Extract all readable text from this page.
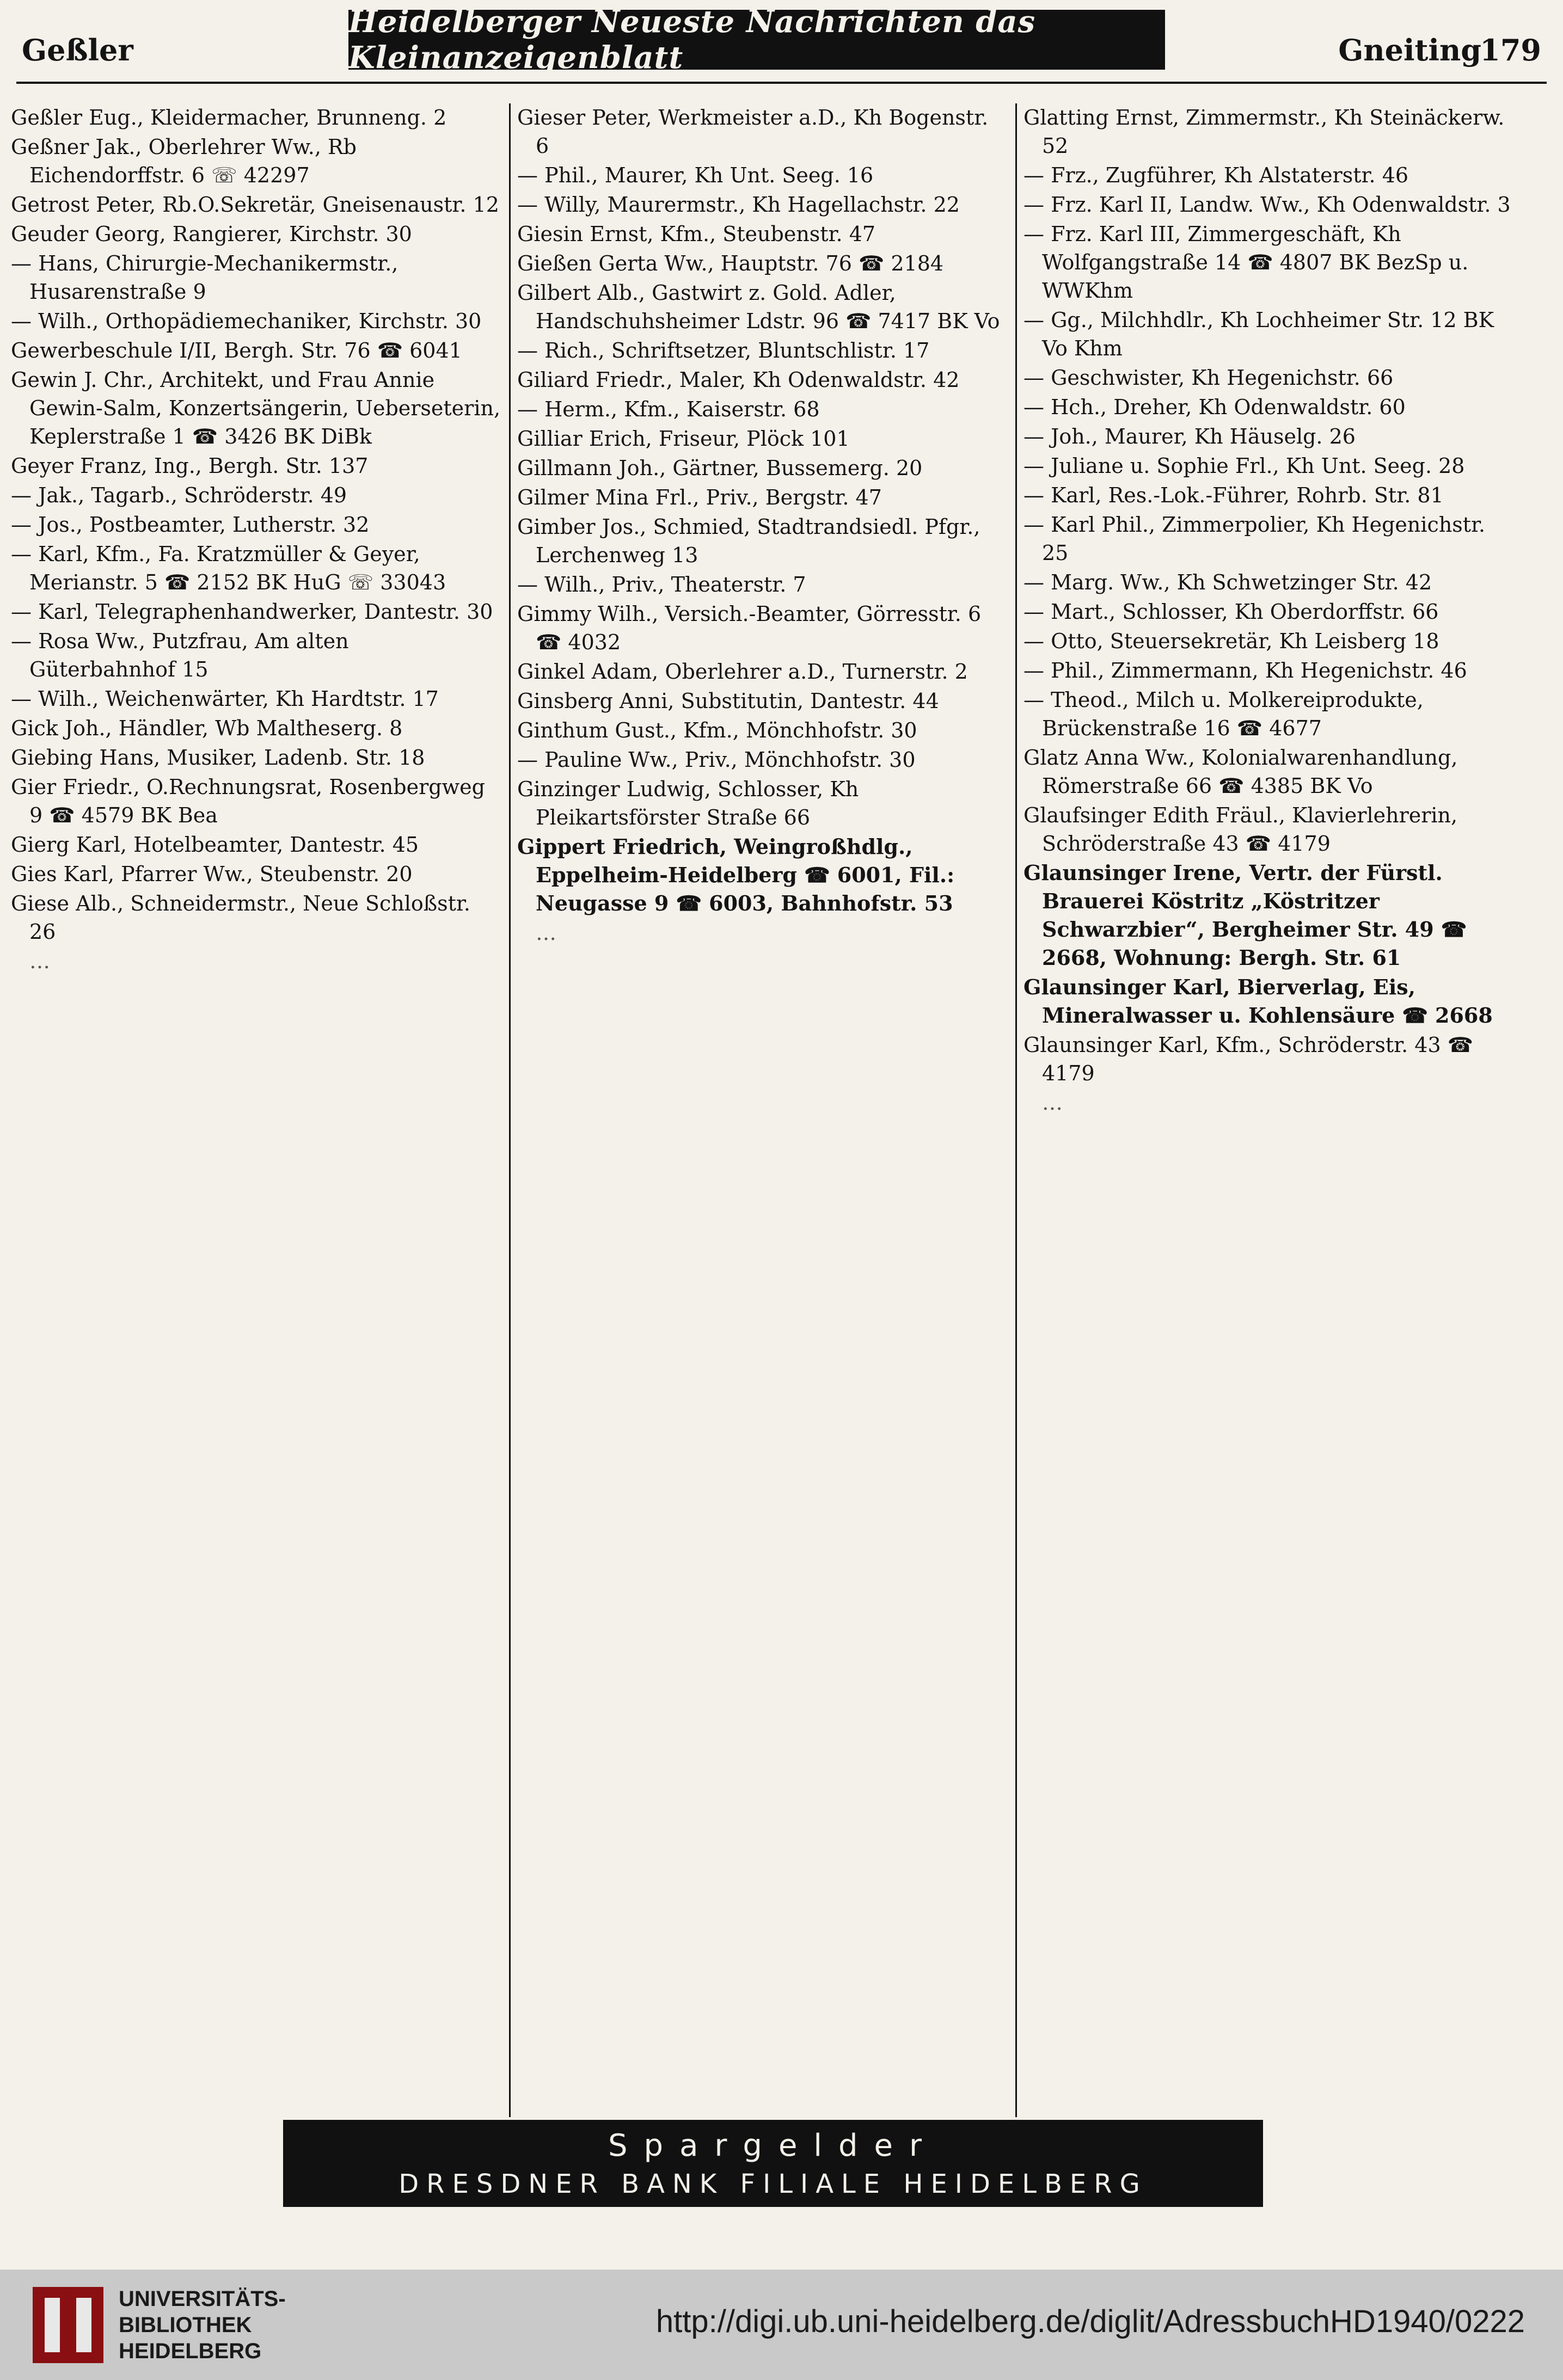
Geßler
Heidelberger Neueste Nachrichten das Kleinanzeigenblatt	Gneiting
179
Geßler Eug., Kleidermacher, Brunneng. 2
Geßner Jak., Oberlehrer Ww., Rb Eichendorffstr. 6 ☏ 42297
Getrost Peter, Rb.O.Sekretär, Gneisenaustr. 12
Geuder Georg, Rangierer, Kirchstr. 30
— Hans, Chirurgie-Mechanikermstr., Husarenstraße 9
— Wilh., Orthopädiemechaniker, Kirchstr. 30
Gewerbeschule I/II, Bergh. Str. 76 ☎ 6041
Gewin J. Chr., Architekt, und Frau Annie Gewin-Salm, Konzertsängerin, Ueberseterin, Keplerstraße 1 ☎ 3426 BK DiBk
Geyer Franz, Ing., Bergh. Str. 137
— Jak., Tagarb., Schröderstr. 49
— Jos., Postbeamter, Lutherstr. 32
— Karl, Kfm., Fa. Kratzmüller & Geyer, Merianstr. 5 ☎ 2152 BK HuG ☏ 33043
— Karl, Telegraphenhandwerker, Dantestr. 30
— Rosa Ww., Putzfrau, Am alten Güterbahnhof 15
— Wilh., Weichenwärter, Kh Hardtstr. 17
Gick Joh., Händler, Wb Maltheserg. 8
Giebing Hans, Musiker, Ladenb. Str. 18
Gier Friedr., O.Rechnungsrat, Rosenbergweg 9 ☎ 4579 BK Bea
Gierg Karl, Hotelbeamter, Dantestr. 45
Gies Karl, Pfarrer Ww., Steubenstr. 20
Giese Alb., Schneidermstr., Neue Schloßstr. 26
…
Gieser Peter, Werkmeister a.D., Kh Bogenstr. 6
— Phil., Maurer, Kh Unt. Seeg. 16
— Willy, Maurermstr., Kh Hagellachstr. 22
Giesin Ernst, Kfm., Steubenstr. 47
Gießen Gerta Ww., Hauptstr. 76 ☎ 2184
Gilbert Alb., Gastwirt z. Gold. Adler, Handschuhsheimer Ldstr. 96 ☎ 7417 BK Vo
— Rich., Schriftsetzer, Bluntschlistr. 17
Giliard Friedr., Maler, Kh Odenwaldstr. 42
— Herm., Kfm., Kaiserstr. 68
Gilliar Erich, Friseur, Plöck 101
Gillmann Joh., Gärtner, Bussemerg. 20
Gilmer Mina Frl., Priv., Bergstr. 47
Gimber Jos., Schmied, Stadtrandsiedl. Pfgr., Lerchenweg 13
— Wilh., Priv., Theaterstr. 7
Gimmy Wilh., Versich.-Beamter, Görresstr. 6 ☎ 4032
Ginkel Adam, Oberlehrer a.D., Turnerstr. 2
Ginsberg Anni, Substitutin, Dantestr. 44
Ginthum Gust., Kfm., Mönchhofstr. 30
— Pauline Ww., Priv., Mönchhofstr. 30
Ginzinger Ludwig, Schlosser, Kh Pleikartsförster Straße 66
Gippert Friedrich, Weingroßhdlg., Eppelheim-Heidelberg ☎ 6001, Fil.: Neugasse 9 ☎ 6003, Bahnhofstr. 53
…
Glatting Ernst, Zimmermstr., Kh Steinäckerw. 52
— Frz., Zugführer, Kh Alstaterstr. 46
— Frz. Karl II, Landw. Ww., Kh Odenwaldstr. 3
— Frz. Karl III, Zimmergeschäft, Kh Wolfgangstraße 14 ☎ 4807 BK BezSp u. WWKhm
— Gg., Milchhdlr., Kh Lochheimer Str. 12 BK Vo Khm
— Geschwister, Kh Hegenichstr. 66
— Hch., Dreher, Kh Odenwaldstr. 60
— Joh., Maurer, Kh Häuselg. 26
— Juliane u. Sophie Frl., Kh Unt. Seeg. 28
— Karl, Res.-Lok.-Führer, Rohrb. Str. 81
— Karl Phil., Zimmerpolier, Kh Hegenichstr. 25
— Marg. Ww., Kh Schwetzinger Str. 42
— Mart., Schlosser, Kh Oberdorffstr. 66
— Otto, Steuersekretär, Kh Leisberg 18
— Phil., Zimmermann, Kh Hegenichstr. 46
— Theod., Milch u. Molkereiprodukte, Brückenstraße 16 ☎ 4677
Glatz Anna Ww., Kolonialwarenhandlung, Römerstraße 66 ☎ 4385 BK Vo
Glaufsinger Edith Fräul., Klavierlehrerin, Schröderstraße 43 ☎ 4179
Glaunsinger Irene, Vertr. der Fürstl. Brauerei Köstritz „Köstritzer Schwarzbier“, Bergheimer Str. 49 ☎ 2668, Wohnung: Bergh. Str. 61
Glaunsinger Karl, Bierverlag, Eis, Mineralwasser u. Kohlensäure ☎ 2668
Glaunsinger Karl, Kfm., Schröderstr. 43 ☎ 4179
…
Spargelder
DRESDNER BANK FILIALE HEIDELBERG
UNIVERSITÄTS-
BIBLIOTHEK
HEIDELBERG
http://digi.ub.uni-heidelberg.de/diglit/AdressbuchHD1940/0222
